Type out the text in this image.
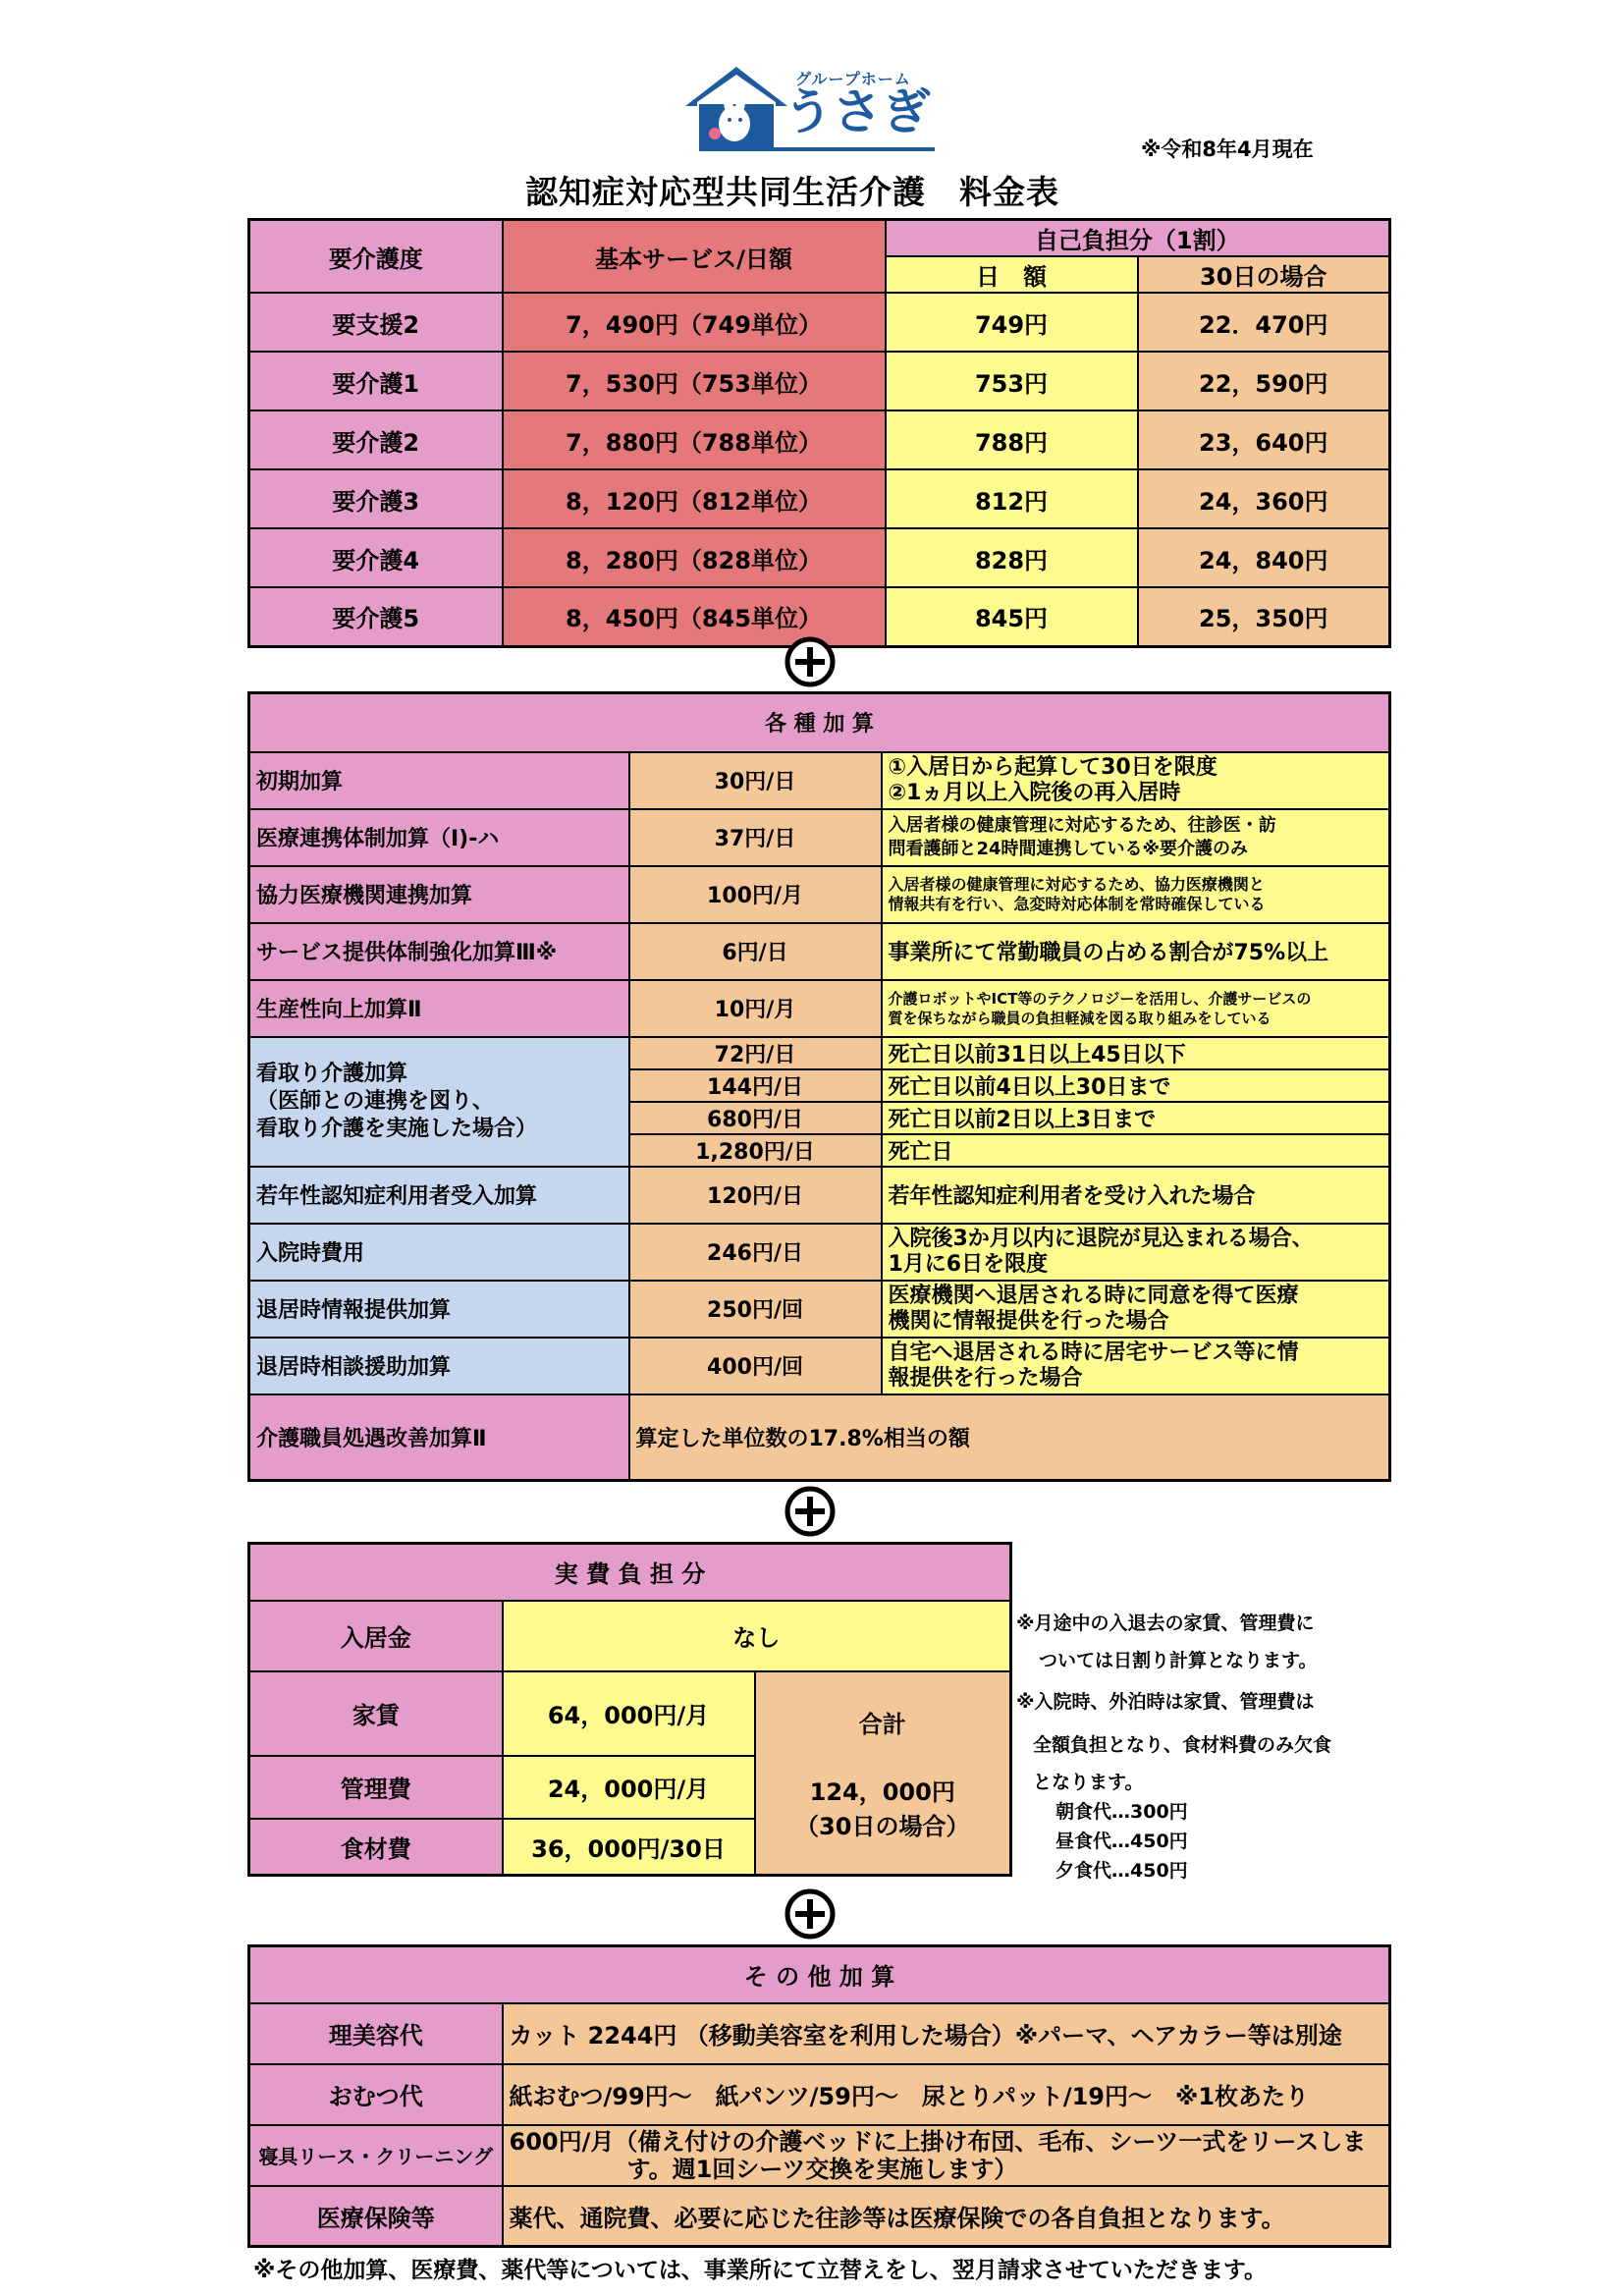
グループホーム
うさぎ
※令和8年4月現在
認知症対応型共同生活介護　料金表
要介護度	基本サービス/日額	自己負担分（1割）	
		日　額	30日の場合
要支援2	7，490円（749単位）	749円	22．470円
要介護1	7，530円（753単位）	753円	22，590円
要介護2	7，880円（788単位）	788円	23，640円
要介護3	8，120円（812単位）	812円	24，360円
要介護4	8，280円（828単位）	828円	24，840円
要介護5	8，450円（845単位）	845円	25，350円
各 種 加 算		
初期加算	30円/日	①入居日から起算して30日を限度
②1ヵ月以上入院後の再入居時

医療連携体制加算（Ⅰ)-ハ	37円/日	入居者様の健康管理に対応するため、往診医・訪
問看護師と24時間連携している※要介護のみ

協力医療機関連携加算	100円/月	入居者様の健康管理に対応するため、協力医療機関と
情報共有を行い、急変時対応体制を常時確保している

サービス提供体制強化加算Ⅲ※	6円/日	事業所にて常勤職員の占める割合が75%以上
生産性向上加算Ⅱ	10円/月	介護ロボットやICT等のテクノロジーを活用し、介護サービスの
質を保ちながら職員の負担軽減を図る取り組みをしている

看取り介護加算
（医師との連携を図り、
看取り介護を実施した場合）	72円/日	死亡日以前31日以上45日以下
	144円/日	死亡日以前4日以上30日まで
	680円/日	死亡日以前2日以上3日まで
	1,280円/日	死亡日
若年性認知症利用者受入加算	120円/日	若年性認知症利用者を受け入れた場合
入院時費用	246円/日	入院後3か月以内に退院が見込まれる場合、
1月に6日を限度

退居時情報提供加算	250円/回	医療機関へ退居される時に同意を得て医療
機関に情報提供を行った場合

退居時相談援助加算	400円/回	自宅へ退居される時に居宅サービス等に情
報提供を行った場合

介護職員処遇改善加算Ⅱ	算定した単位数の17.8%相当の額	
実 費 負 担 分		
入居金	なし	
家賃	64，000円/月	合計
124，000円
（30日の場合）

管理費	24，000円/月	
食材費	36，000円/30日	
※月途中の入退去の家賃、管理費に
ついては日割り計算となります。
※入院時、外泊時は家賃、管理費は
全額負担となり、食材料費のみ欠食
となります。
朝食代…300円
昼食代…450円
夕食代…450円
そ の 他 加 算	
理美容代	カット 2244円 （移動美容室を利用した場合）※パーマ、ヘアカラー等は別途
おむつ代	紙おむつ/99円～　紙パンツ/59円～　尿とりパット/19円～　※1枚あたり
寝具リース・クリーニング	600円/月（備え付けの介護ベッドに上掛け布団、毛布、シーツ一式をリースしま
す。週1回シーツ交換を実施します）

医療保険等	薬代、通院費、必要に応じた往診等は医療保険での各自負担となります。
※その他加算、医療費、薬代等については、事業所にて立替えをし、翌月請求させていただきます。
